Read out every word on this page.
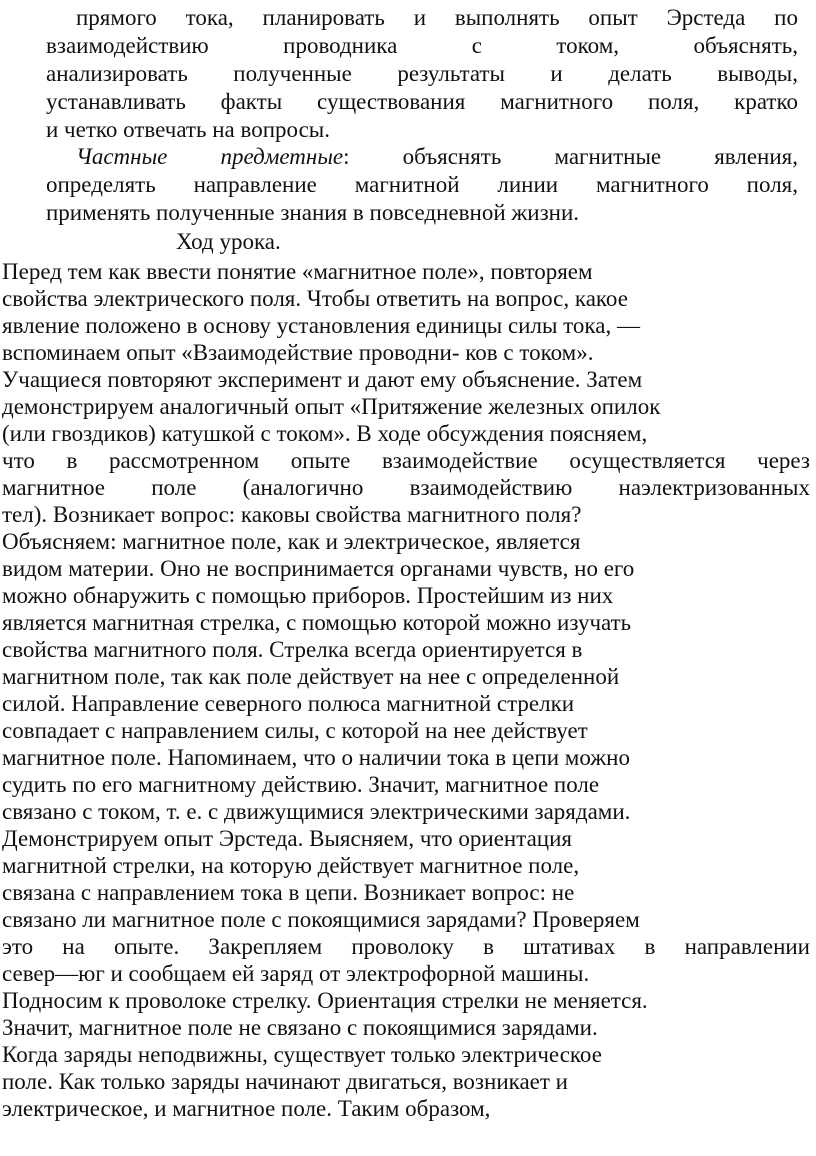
прямого тока, планировать и выполнять опыт Эрстеда по
взаимодействию проводника с током, объяснять,
анализировать полученные результаты и делать выводы,
устанавливать факты существования магнитного поля, кратко
и четко отвечать на вопросы.
Частные предметные: объяснять магнитные явления,
определять направление магнитной линии магнитного поля,
применять полученные знания в повседневной жизни.
Ход урока.
Перед тем как ввести понятие «магнитное поле», повторяем
свойства электрического поля. Чтобы ответить на вопрос, какое
явление положено в основу установления единицы силы тока, —
вспоминаем опыт «Взаимодействие проводни- ков с током».
Учащиеся повторяют эксперимент и дают ему объяснение. Затем
демонстрируем аналогичный опыт «Притяжение железных опилок
(или гвоздиков) катушкой с током». В ходе обсуждения поясняем,
что в рассмотренном опыте взаимодействие осуществляется через
магнитное поле (аналогично взаимодействию наэлектризованных
тел). Возникает вопрос: каковы свойства магнитного поля?
Объясняем: магнитное поле, как и электрическое, является
видом материи. Оно не воспринимается органами чувств, но его
можно обнаружить с помощью приборов. Простейшим из них
является магнитная стрелка, с помощью которой можно изучать
свойства магнитного поля. Стрелка всегда ориентируется в
магнитном поле, так как поле действует на нее с определенной
силой. Направление северного полюса магнитной стрелки
совпадает с направлением силы, с которой на нее действует
магнитное поле. Напоминаем, что о наличии тока в цепи можно
судить по его магнитному действию. Значит, магнитное поле
связано с током, т. е. с движущимися электрическими зарядами.
Демонстрируем опыт Эрстеда. Выясняем, что ориентация
магнитной стрелки, на которую действует магнитное поле,
связана с направлением тока в цепи. Возникает вопрос: не
связано ли магнитное поле с покоящимися зарядами? Проверяем
это на опыте. Закрепляем проволоку в штативах в направлении
север—юг и сообщаем ей заряд от электрофорной машины.
Подносим к проволоке стрелку. Ориентация стрелки не меняется.
Значит, магнитное поле не связано с покоящимися зарядами.
Когда заряды неподвижны, существует только электрическое
поле. Как только заряды начинают двигаться, возникает и
электрическое, и магнитное поле. Таким образом,
